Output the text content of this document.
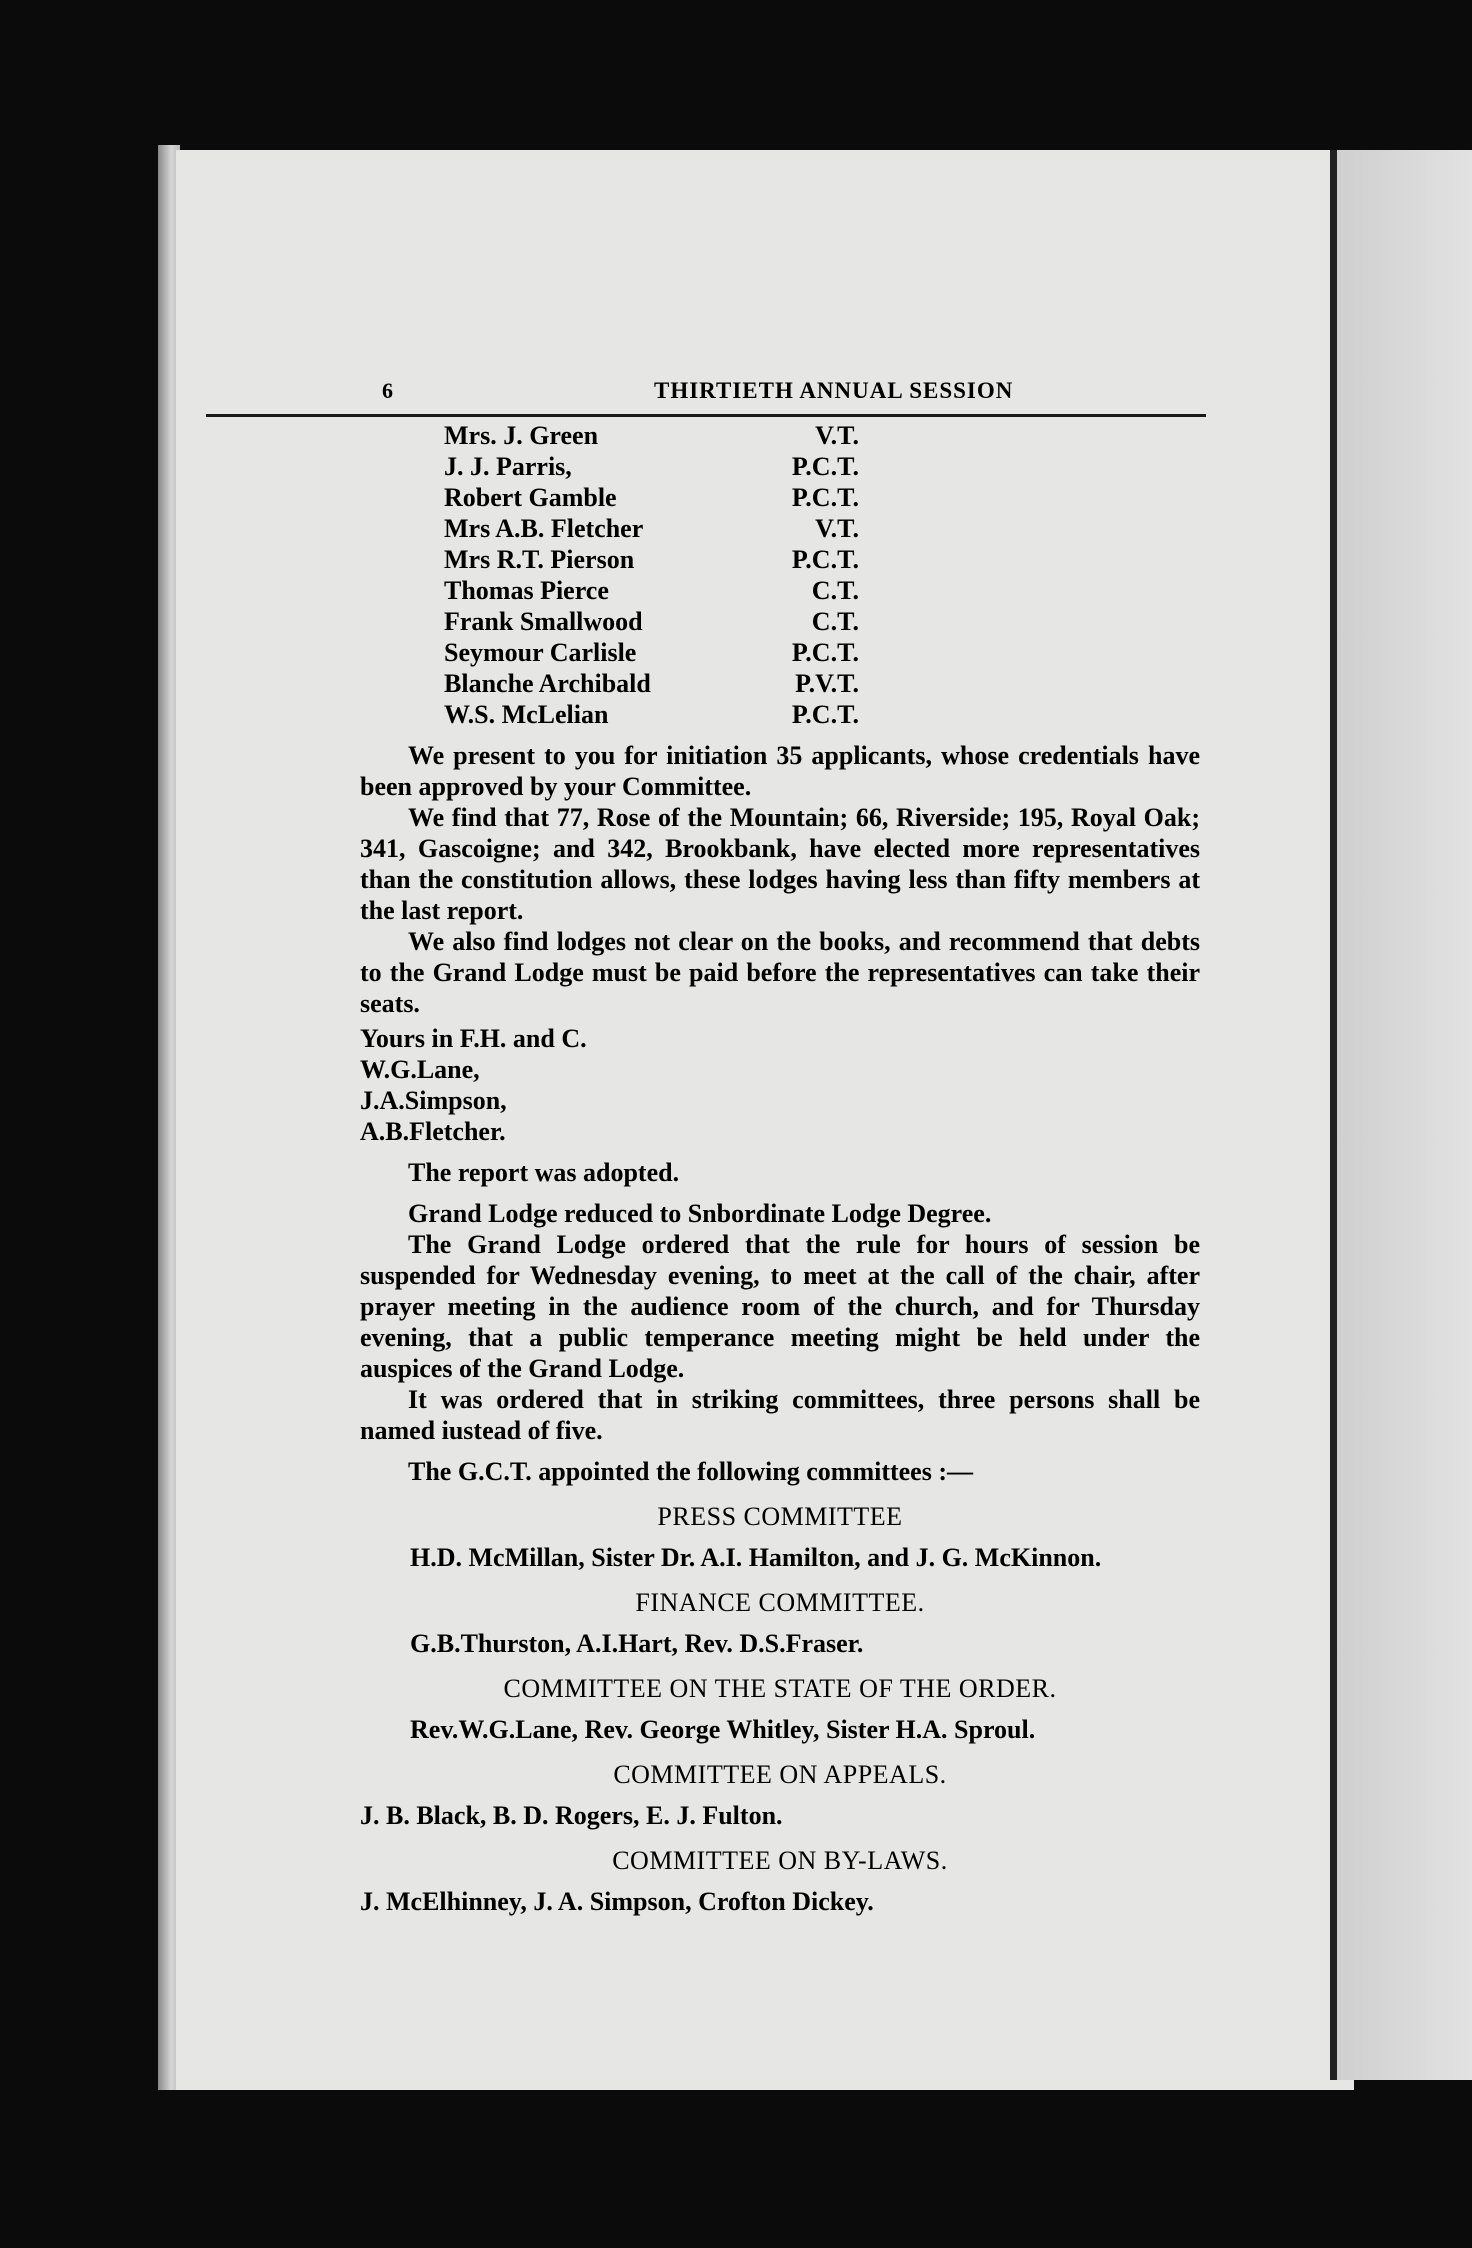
6	THIRTIETH ANNUAL SESSION
Mrs. J. Green	V.T.
J. J. Parris,	P.C.T.
Robert Gamble	P.C.T.
Mrs A.B. Fletcher	V.T.
Mrs R.T. Pierson	P.C.T.
Thomas Pierce	C.T.
Frank Smallwood	C.T.
Seymour Carlisle	P.C.T.
Blanche Archibald	P.V.T.
W.S. McLelian	P.C.T.

We present to you for initiation 35 applicants, whose credentials have been approved by your Committee.

We find that 77, Rose of the Mountain; 66, Riverside; 195, Royal Oak; 341, Gascoigne; and 342, Brookbank, have elected more representatives than the constitution allows, these lodges having less than fifty members at the last report.

We also find lodges not clear on the books, and recommend that debts to the Grand Lodge must be paid before the representatives can take their seats.

Yours in F.H. and C.

W.G.Lane,

J.A.Simpson,

A.B.Fletcher.

The report was adopted.

Grand Lodge reduced to Snbordinate Lodge Degree.

The Grand Lodge ordered that the rule for hours of session be suspended for Wednesday evening, to meet at the call of the chair, after prayer meeting in the audience room of the church, and for Thursday evening, that a public temperance meeting might be held under the auspices of the Grand Lodge.

It was ordered that in striking committees, three persons shall be named iustead of five.

The G.C.T. appointed the following committees :—

PRESS COMMITTEE

H.D. McMillan, Sister Dr. A.I. Hamilton, and J. G. McKinnon.

FINANCE COMMITTEE.

G.B.Thurston, A.I.Hart, Rev. D.S.Fraser.

COMMITTEE ON THE STATE OF THE ORDER.

Rev.W.G.Lane, Rev. George Whitley, Sister H.A. Sproul.

COMMITTEE ON APPEALS.

J. B. Black, B. D. Rogers, E. J. Fulton.

COMMITTEE ON BY-LAWS.

J. McElhinney, J. A. Simpson, Crofton Dickey.
